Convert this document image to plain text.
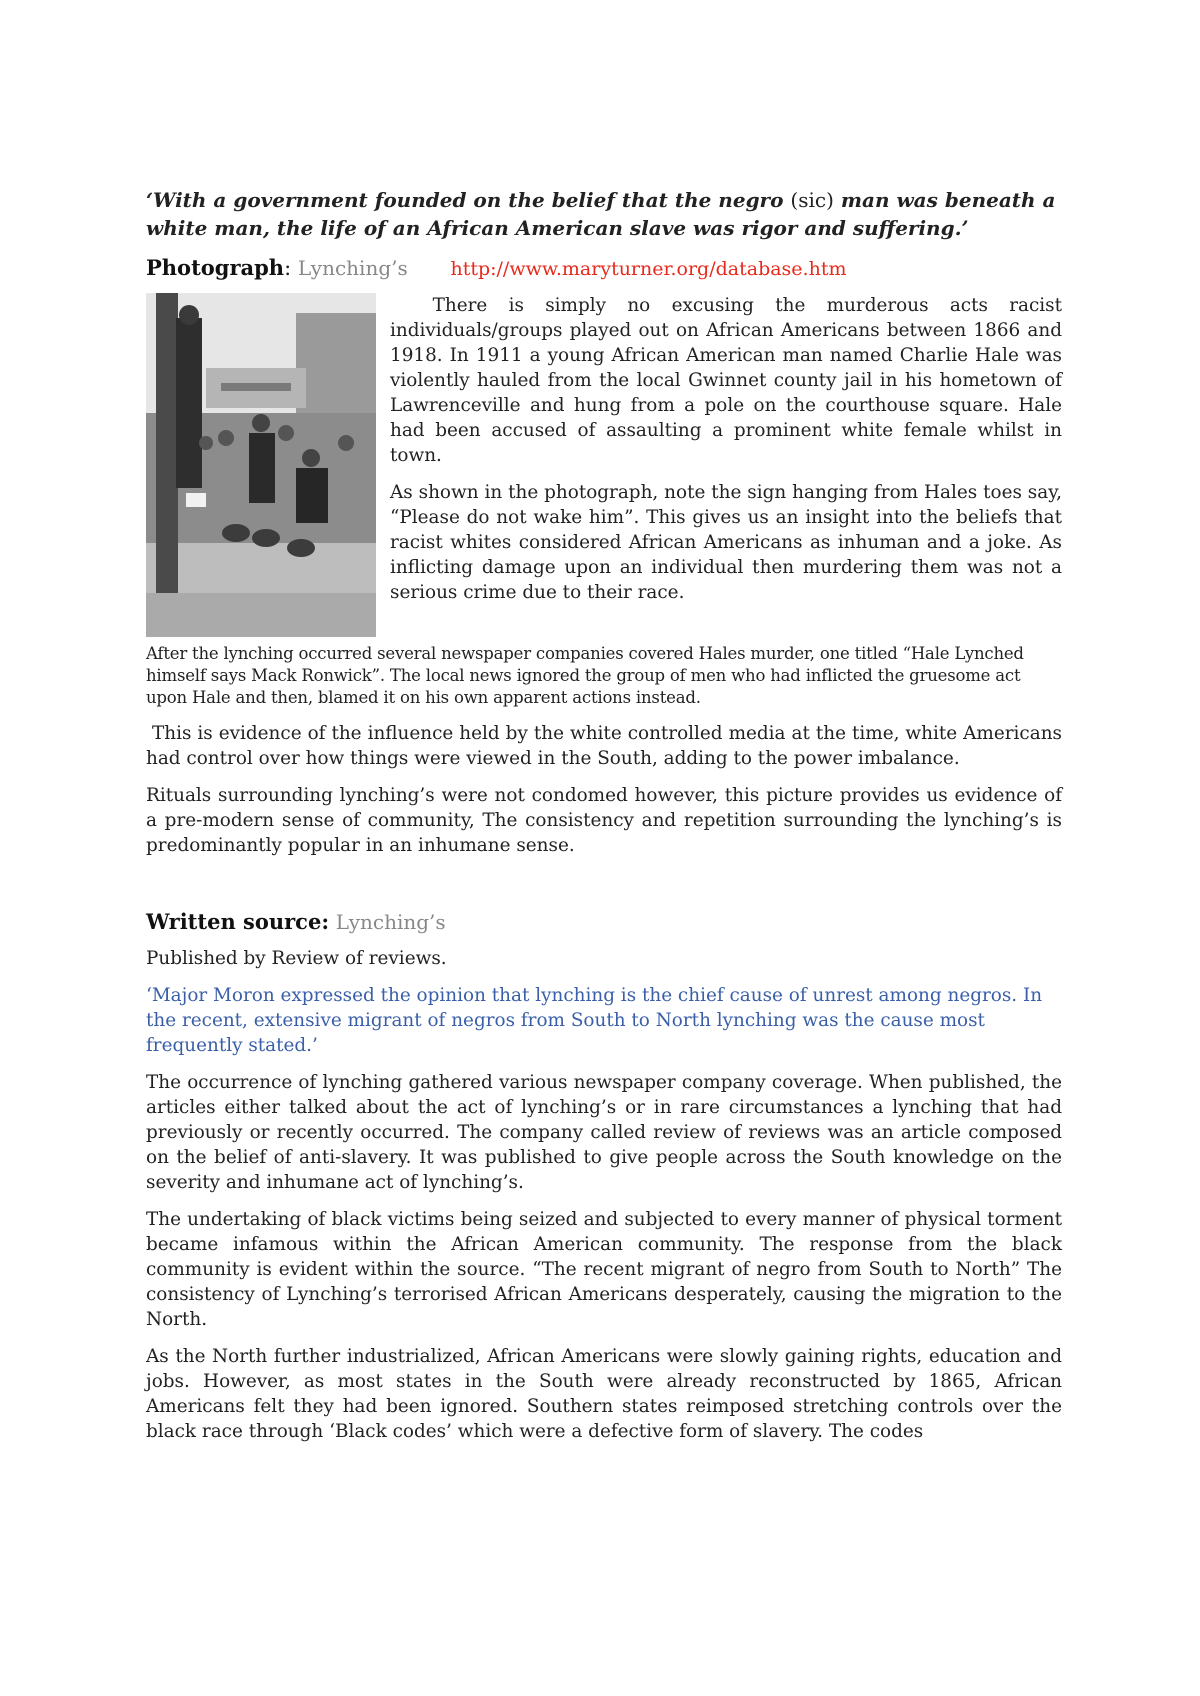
‘With a government founded on the belief that the negro (sic) man was beneath a white man, the life of an African American slave was rigor and suffering.’

Photograph: Lynching’s http://www.maryturner.org/database.htm

There is simply no excusing the murderous acts racist individuals/groups played out on African Americans between 1866 and 1918. In 1911 a young African American man named Charlie Hale was violently hauled from the local Gwinnet county jail in his hometown of Lawrenceville and hung from a pole on the courthouse square. Hale had been accused of assaulting a prominent white female whilst in town.

As shown in the photograph, note the sign hanging from Hales toes say, “Please do not wake him”. This gives us an insight into the beliefs that racist whites considered African Americans as inhuman and a joke. As inflicting damage upon an individual then murdering them was not a serious crime due to their race.

After the lynching occurred several newspaper companies covered Hales murder, one titled “Hale Lynched himself says Mack Ronwick”. The local news ignored the group of men who had inflicted the gruesome act upon Hale and then, blamed it on his own apparent actions instead.

This is evidence of the influence held by the white controlled media at the time, white Americans had control over how things were viewed in the South, adding to the power imbalance.

Rituals surrounding lynching’s were not condomed however, this picture provides us evidence of a pre-modern sense of community, The consistency and repetition surrounding the lynching’s is predominantly popular in an inhumane sense.

Written source: Lynching’s

Published by Review of reviews.

‘Major Moron expressed the opinion that lynching is the chief cause of unrest among negros. In the recent, extensive migrant of negros from South to North lynching was the cause most frequently stated.’

The occurrence of lynching gathered various newspaper company coverage. When published, the articles either talked about the act of lynching’s or in rare circumstances a lynching that had previously or recently occurred. The company called review of reviews was an article composed on the belief of anti-slavery. It was published to give people across the South knowledge on the severity and inhumane act of lynching’s.

The undertaking of black victims being seized and subjected to every manner of physical torment became infamous within the African American community. The response from the black community is evident within the source. “The recent migrant of negro from South to North” The consistency of Lynching’s terrorised African Americans desperately, causing the migration to the North.

As the North further industrialized, African Americans were slowly gaining rights, education and jobs. However, as most states in the South were already reconstructed by 1865, African Americans felt they had been ignored. Southern states reimposed stretching controls over the black race through ‘Black codes’ which were a defective form of slavery. The codes
